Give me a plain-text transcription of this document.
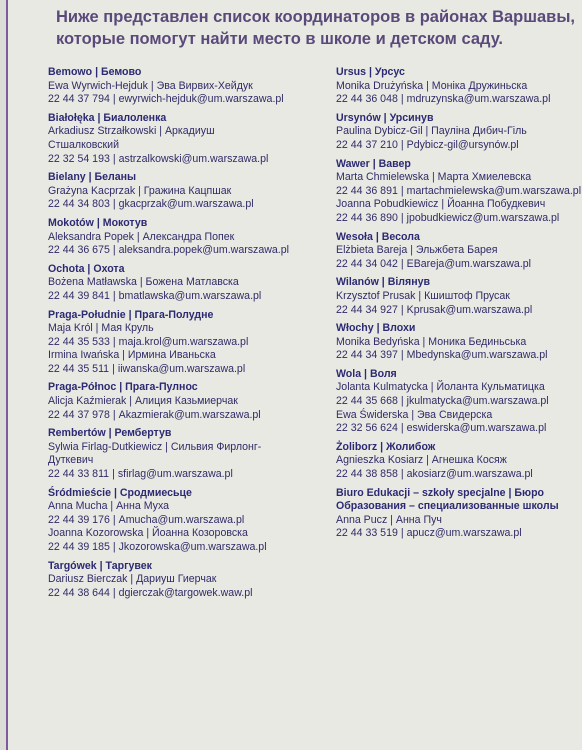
Ниже представлен список координаторов в районах Варшавы,
которые помогут найти место в школе и детском саду.
Bemowo | Бемово
Ewa Wyrwich-Hejduk | Эва Вирвих-Хейдук
22 44 37 794 | ewyrwich-hejduk@um.warszawa.pl
Białołęka | Биалоленка
Arkadiusz Strzałkowski | Аркадиуш
Стшалковский
22 32 54 193 | astrzalkowski@um.warszawa.pl
Bielany | Беланы
Grażyna Kacprzak | Гражина Кацпшак
22 44 34 803 | gkacprzak@um.warszawa.pl
Mokotów | Мокотув
Aleksandra Popek | Александра Попек
22 44 36 675 | aleksandra.popek@um.warszawa.pl
Ochota | Охота
Bożena Matławska | Божена Матлавска
22 44 39 841 | bmatlawska@um.warszawa.pl
Praga-Południe | Прага-Полудне
Maja Król | Мая Круль
22 44 35 533 | maja.krol@um.warszawa.pl
Irmina Iwańska | Ирмина Иваньска
22 44 35 511 | iiwanska@um.warszawa.pl
Praga-Północ | Прага-Пулнос
Alicja Kaźmierak | Алиция Казьмиерчак
22 44 37 978 | Akazmierak@um.warszawa.pl
Rembertów | Рембертув
Sylwia Firlag-Dutkiewicz | Сильвия Фирлонг-
Дуткевич
22 44 33 811 | sfirlag@um.warszawa.pl
Śródmieście | Сродмиесьце
Anna Mucha | Анна Муха
22 44 39 176 | Amucha@um.warszawa.pl
Joanna Kozorowska | Йоанна Козоровска
22 44 39 185 | Jkozorowska@um.warszawa.pl
Targówek | Таргувек
Dariusz Bierczak | Дариуш Гиерчак
22 44 38 644 | dgierczak@targowek.waw.pl
Ursus | Урсус
Monika Drużyńska | Моніка Дружиньска
22 44 36 048 | mdruzynska@um.warszawa.pl
Ursynów | Урсинув
Paulina Dybicz-Gil | Пауліна Дибич-Гіль
22 44 37 210 | Pdybicz-gil@ursynów.pl
Wawer | Вавер
Marta Chmielewska | Марта Хмиелевска
22 44 36 891 | martachmielewska@um.warszawa.pl
Joanna Pobudkiewicz | Йоанна Побудкевич
22 44 36 890 | jpobudkiewicz@um.warszawa.pl
Wesoła | Весола
Elżbieta Bareja | Эльжбета Барея
22 44 34 042 | EBareja@um.warszawa.pl
Wilanów | Вілянув
Krzysztof Prusak | Кшиштоф Прусак
22 44 34 927 | Kprusak@um.warszawa.pl
Włochy | Влохи
Monika Bedyńska | Моника Бединьська
22 44 34 397 | Mbedynska@um.warszawa.pl
Wola | Воля
Jolanta Kulmatycka | Йоланта Кульматицка
22 44 35 668 | jkulmatycka@um.warszawa.pl
Ewa Świderska | Эва Свидерска
22 32 56 624 | eswiderska@um.warszawa.pl
Żoliborz | Жолибож
Agnieszka Kosiarz | Агнешка Косяж
22 44 38 858 | akosiarz@um.warszawa.pl
Biuro Edukacji – szkoły specjalne | Бюро
Образования – специализованные школы
Anna Pucz | Анна Пуч
22 44 33 519 | apucz@um.warszawa.pl
